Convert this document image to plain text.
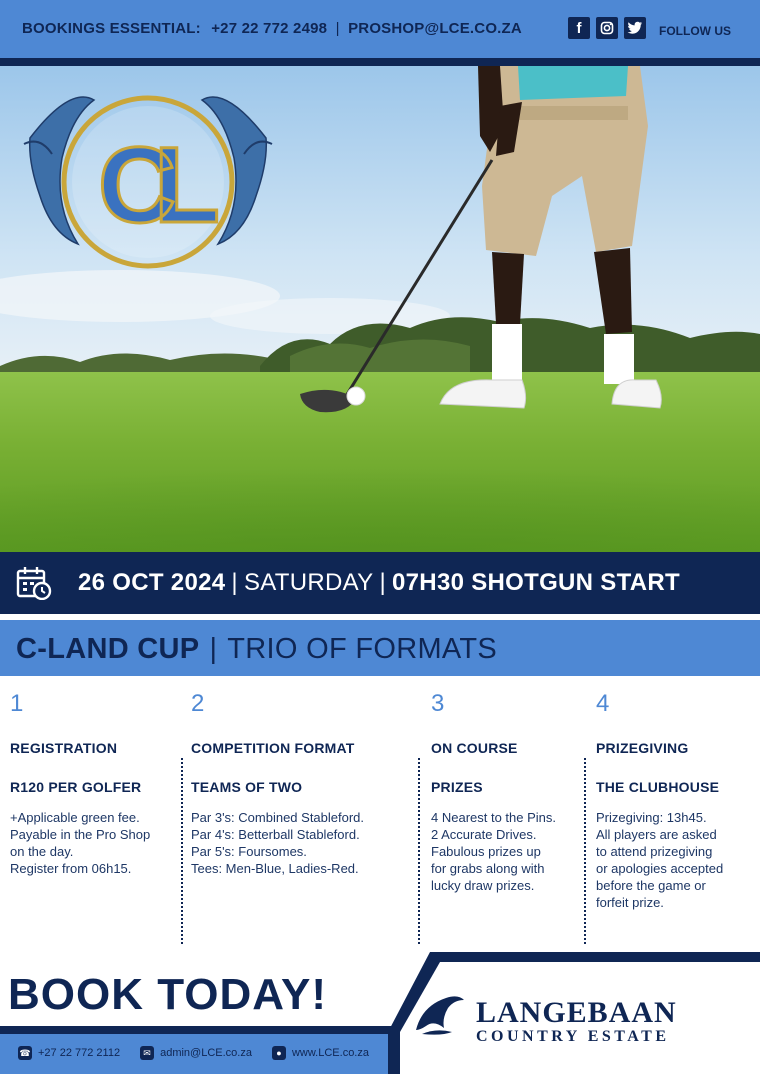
BOOKINGS ESSENTIAL: +27 22 772 2498 | PROSHOP@LCE.CO.ZA	f	FOLLOW US
CL
26 OCT 2024 | SATURDAY | 07H30 SHOTGUN START
C-LAND CUP | TRIO OF FORMATS
1
REGISTRATION
R120 PER GOLFER
+Applicable green fee.
Payable in the Pro Shop
on the day.
Register from 06h15.
2
COMPETITION FORMAT
TEAMS OF TWO
Par 3's: Combined Stableford.
Par 4's: Betterball Stableford.
Par 5's: Foursomes.
Tees: Men-Blue, Ladies-Red.
3
ON COURSE
PRIZES
4 Nearest to the Pins.
2 Accurate Drives.
Fabulous prizes up
for grabs along with
lucky draw prizes.
4
PRIZEGIVING
THE CLUBHOUSE
Prizegiving: 13h45.
All players are asked
to attend prizegiving
or apologies accepted
before the game or
forfeit prize.
BOOK TODAY!
☎ +27 22 772 2112	✉ admin@LCE.co.za	● www.LCE.co.za
LANGEBAAN
COUNTRY ESTATE
